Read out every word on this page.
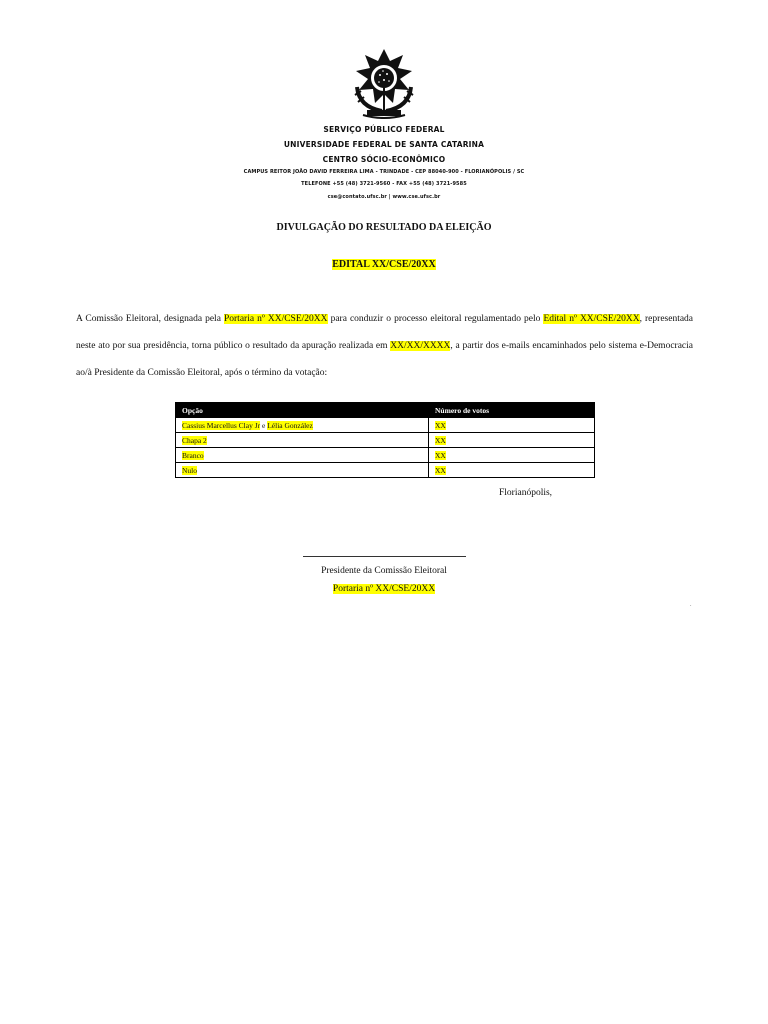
SERVIÇO PÚBLICO FEDERAL
UNIVERSIDADE FEDERAL DE SANTA CATARINA
CENTRO SÓCIO-ECONÔMICO
CAMPUS REITOR JOÃO DAVID FERREIRA LIMA - TRINDADE - CEP 88040-900 - FLORIANÓPOLIS / SC
TELEFONE +55 (48) 3721-9560 - FAX +55 (48) 3721-9585
cse@contato.ufsc.br | www.cse.ufsc.br
DIVULGAÇÃO DO RESULTADO DA ELEIÇÃO
EDITAL XX/CSE/20XX
A Comissão Eleitoral, designada pela Portaria nº XX/CSE/20XX para conduzir o processo eleitoral regulamentado pelo Edital nº XX/CSE/20XX, representada neste ato por sua presidência, torna público o resultado da apuração realizada em XX/XX/XXXX, a partir dos e-mails encaminhados pelo sistema e-Democracia ao/à Presidente da Comissão Eleitoral, após o término da votação:
Opção	Número de votos
Cassius Marcellus Clay Jr e Lélia González	XX
Chapa 2	XX
Branco	XX
Nulo	XX
Florianópolis,
Presidente da Comissão Eleitoral
Portaria nº XX/CSE/20XX
.
